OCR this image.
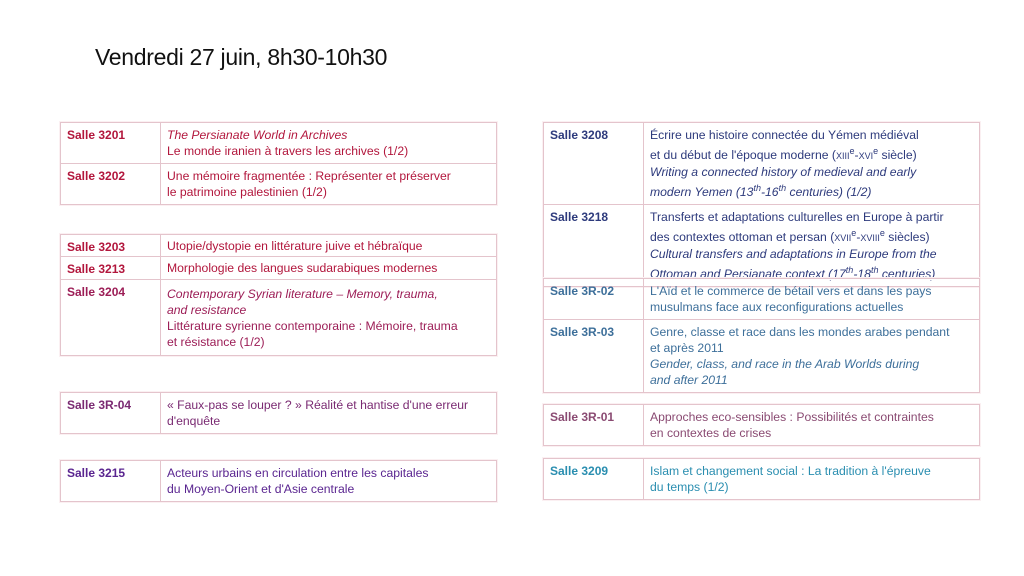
Vendredi 27 juin, 8h30-10h30
Salle 3201	The Persianate World in Archives
Le monde iranien à travers les archives (1/2)
Salle 3202	Une mémoire fragmentée : Représenter et préserver
le patrimoine palestinien (1/2)
Salle 3203	Utopie/dystopie en littérature juive et hébraïque
Salle 3213	Morphologie des langues sudarabiques modernes
Salle 3204	Contemporary Syrian literature – Memory, trauma,
and resistance
Littérature syrienne contemporaine : Mémoire, trauma
et résistance (1/2)
Salle 3R-04	« Faux-pas se louper ? » Réalité et hantise d'une erreur
d'enquête
Salle 3215	Acteurs urbains en circulation entre les capitales
du Moyen-Orient et d'Asie centrale
Salle 3208	Écrire une histoire connectée du Yémen médiéval
et du début de l'époque moderne (XIIIe-XVIe siècle)
Writing a connected history of medieval and early
modern Yemen (13th-16th centuries) (1/2)
Salle 3218	Transferts et adaptations culturelles en Europe à partir
des contextes ottoman et persan (XVIIe-XVIIIe siècles)
Cultural transfers and adaptations in Europe from the
Ottoman and Persianate context (17th-18th centuries)
Salle 3R-02	L'Aïd et le commerce de bétail vers et dans les pays
musulmans face aux reconfigurations actuelles
Salle 3R-03	Genre, classe et race dans les mondes arabes pendant
et après 2011
Gender, class, and race in the Arab Worlds during
and after 2011
Salle 3R-01	Approches eco-sensibles : Possibilités et contraintes
en contextes de crises
Salle 3209	Islam et changement social : La tradition à l'épreuve
du temps (1/2)
